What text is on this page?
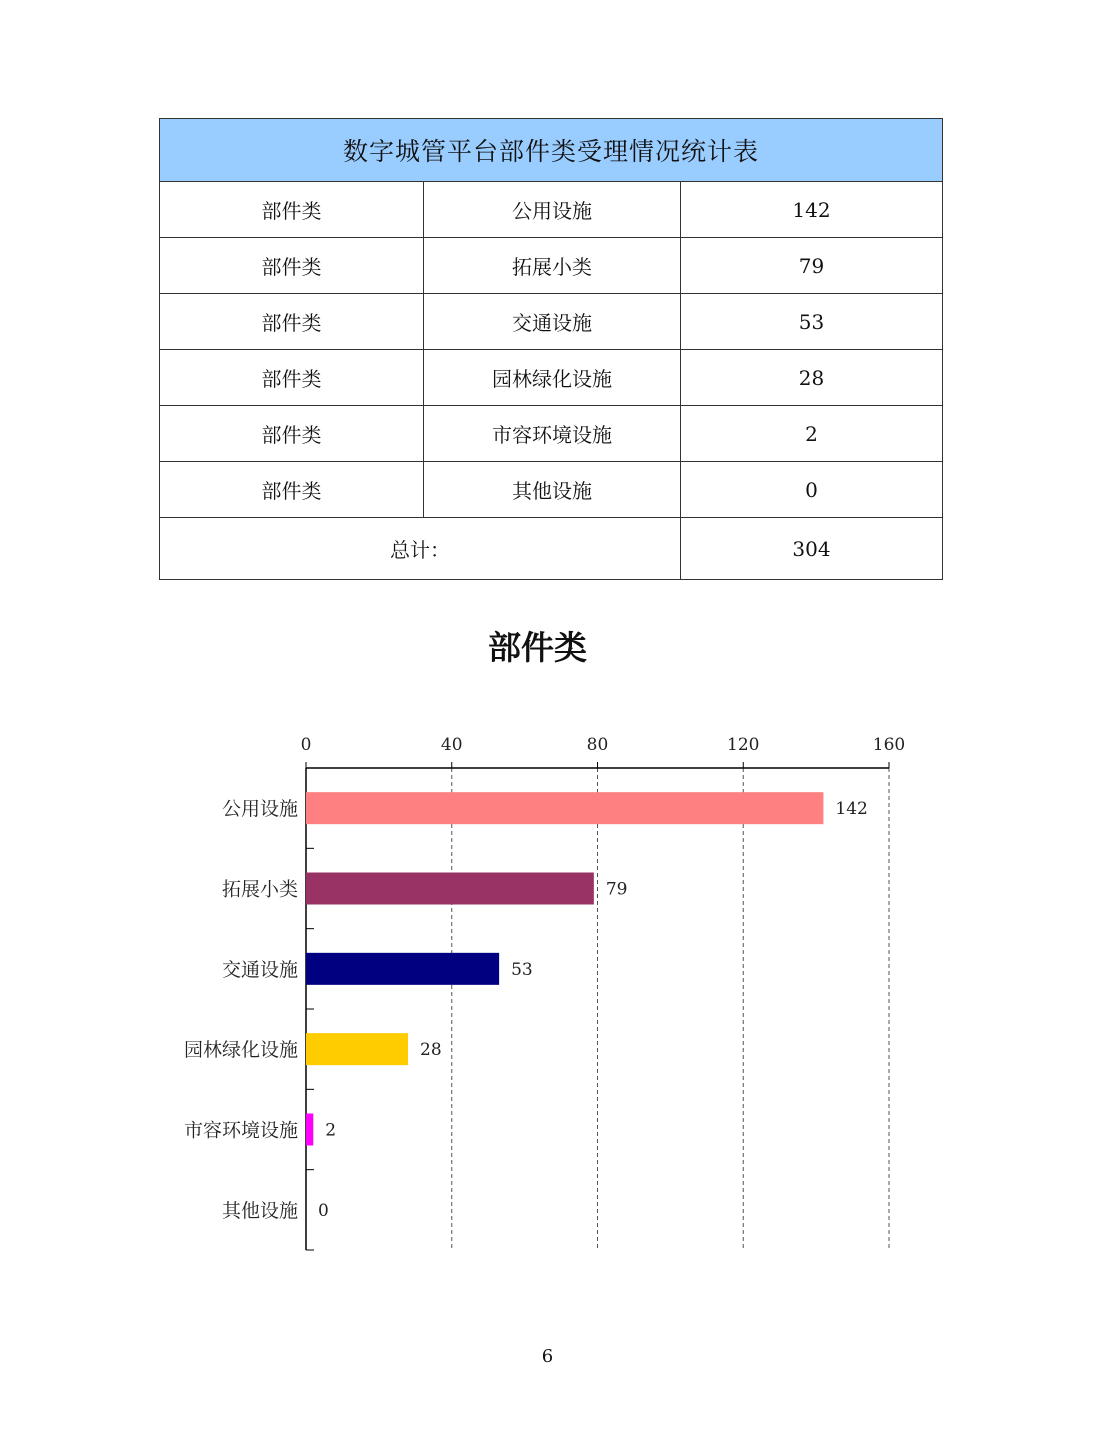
数字城管平台部件类受理情况统计表		
部件类	公用设施	142
部件类	拓展小类	79
部件类	交通设施	53
部件类	园林绿化设施	28
部件类	市容环境设施	2
部件类	其他设施	0
总计：		304
部件类
0	40	80	120	160
公用设施	142
拓展小类	79
交通设施	53
园林绿化设施	28
市容环境设施 2
其他设施 0
6
